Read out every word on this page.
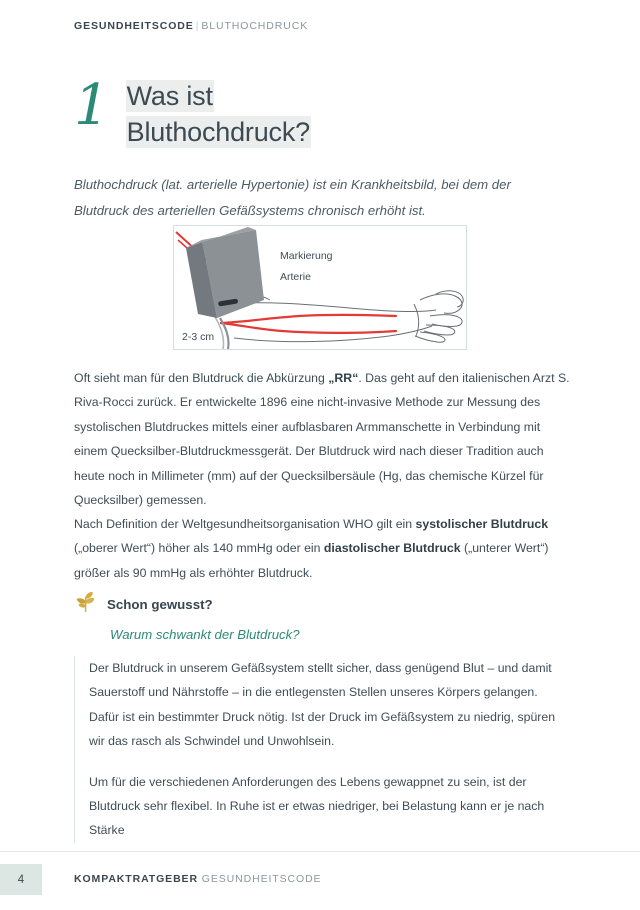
GESUNDHEITSCODE | BLUTHOCHDRUCK
1 Was ist
Bluthochdruck?
Bluthochdruck (lat. arterielle Hypertonie) ist ein Krankheitsbild, bei dem der Blutdruck des arteriellen Gefäßsystems chronisch erhöht ist.
Markierung
Arterie
2-3 cm
Oft sieht man für den Blutdruck die Abkürzung „RR“. Das geht auf den italienischen Arzt S. Riva-Rocci zurück. Er entwickelte 1896 eine nicht-invasive Methode zur Messung des systolischen Blutdruckes mittels einer aufblasbaren Armmanschette in Verbindung mit einem Quecksilber-Blutdruckmessgerät. Der Blutdruck wird nach dieser Tradition auch heute noch in Millimeter (mm) auf der Quecksilbersäule (Hg, das chemische Kürzel für Quecksilber) gemessen.
Nach Definition der Weltgesundheitsorganisation WHO gilt ein systolischer Blutdruck („oberer Wert“) höher als 140 mmHg oder ein diastolischer Blutdruck („unterer Wert“) größer als 90 mmHg als erhöhter Blutdruck.
Schon gewusst?
Warum schwankt der Blutdruck?

Der Blutdruck in unserem Gefäßsystem stellt sicher, dass genügend Blut – und damit Sauerstoff und Nährstoffe – in die entlegensten Stellen unseres Körpers gelangen. Dafür ist ein bestimmter Druck nötig. Ist der Druck im Gefäßsystem zu niedrig, spüren wir das rasch als Schwindel und Unwohlsein.

Um für die verschiedenen Anforderungen des Lebens gewappnet zu sein, ist der Blutdruck sehr flexibel. In Ruhe ist er etwas niedriger, bei Belastung kann er je nach Stärke

4	KOMPAKTRATGEBER GESUNDHEITSCODE
